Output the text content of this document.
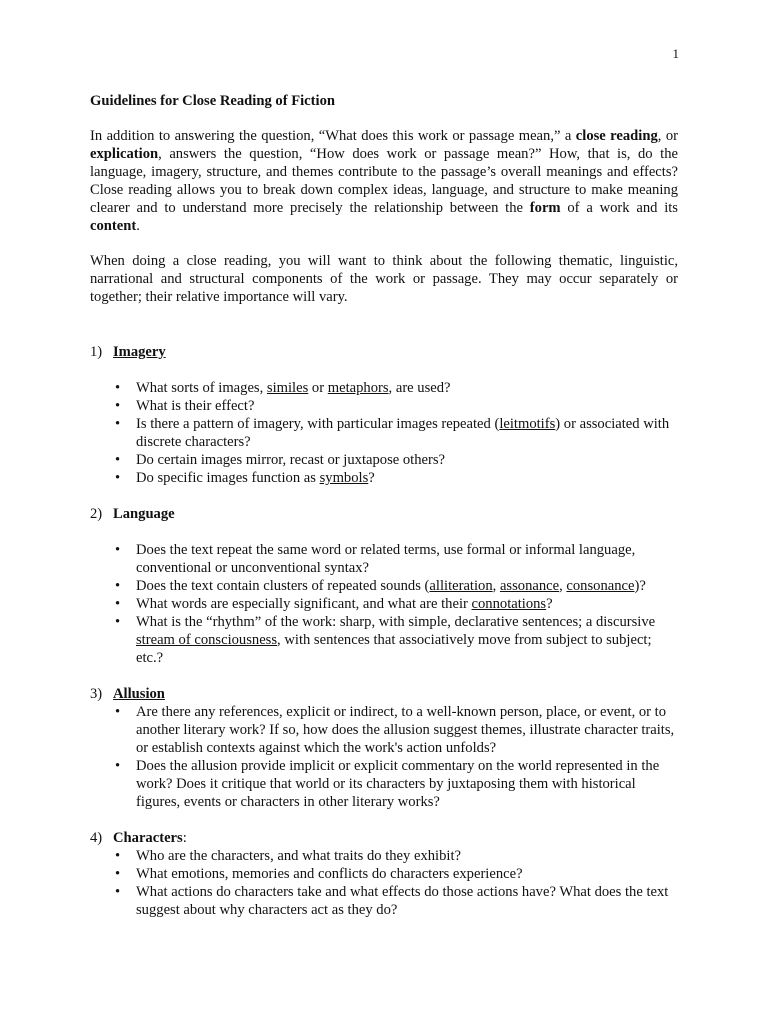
1
Guidelines for Close Reading of Fiction

In addition to answering the question, “What does this work or passage mean,” a close reading, or explication, answers the question, “How does work or passage mean?” How, that is, do the language, imagery, structure, and themes contribute to the passage’s overall meanings and effects? Close reading allows you to break down complex ideas, language, and structure to make meaning clearer and to understand more precisely the relationship between the form of a work and its content.

When doing a close reading, you will want to think about the following thematic, linguistic, narrational and structural components of the work or passage. They may occur separately or together; their relative importance will vary.

1) Imagery
• What sorts of images, similes or metaphors, are used?
• What is their effect?
• Is there a pattern of imagery, with particular images repeated (leitmotifs) or associated with discrete characters?
• Do certain images mirror, recast or juxtapose others?
• Do specific images function as symbols?
2) Language
• Does the text repeat the same word or related terms, use formal or informal language, conventional or unconventional syntax?
• Does the text contain clusters of repeated sounds (alliteration, assonance, consonance)?
• What words are especially significant, and what are their connotations?
• What is the “rhythm” of the work: sharp, with simple, declarative sentences; a discursive stream of consciousness, with sentences that associatively move from subject to subject; etc.?
3) Allusion
• Are there any references, explicit or indirect, to a well-known person, place, or event, or to another literary work? If so, how does the allusion suggest themes, illustrate character traits, or establish contexts against which the work's action unfolds?
• Does the allusion provide implicit or explicit commentary on the world represented in the work? Does it critique that world or its characters by juxtaposing them with historical figures, events or characters in other literary works?
4) Characters :
• Who are the characters, and what traits do they exhibit?
• What emotions, memories and conflicts do characters experience?
• What actions do characters take and what effects do those actions have? What does the text suggest about why characters act as they do?
